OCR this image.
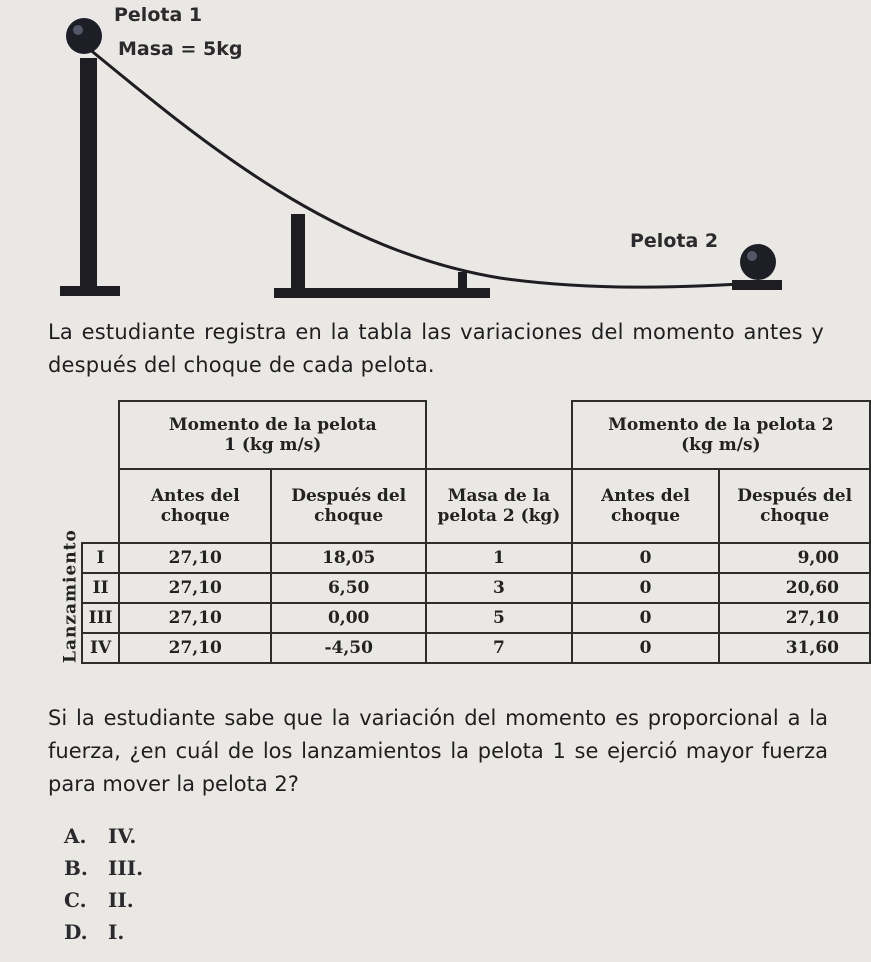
Pelota 1
Masa = 5kg
Pelota 2

La estudiante registra en la tabla las variaciones del momento antes y después del choque de cada pelota.

		Momento de la pelota 1 (kg m/s)			Momento de la pelota 2 (kg m/s)	
		Antes del choque	Después del choque	Masa de la pelota 2 (kg)	Antes del choque	Después del choque
Lanzamiento	I	27,10	18,05	1	0	9,00
	II	27,10	6,50	3	0	20,60
	III	27,10	0,00	5	0	27,10
	IV	27,10	-4,50	7	0	31,60

Si la estudiante sabe que la variación del momento es proporcional a la fuerza, ¿en cuál de los lanzamientos la pelota 1 se ejerció mayor fuerza para mover la pelota 2?

A. IV.
B. III.
C. II.
D. I.
